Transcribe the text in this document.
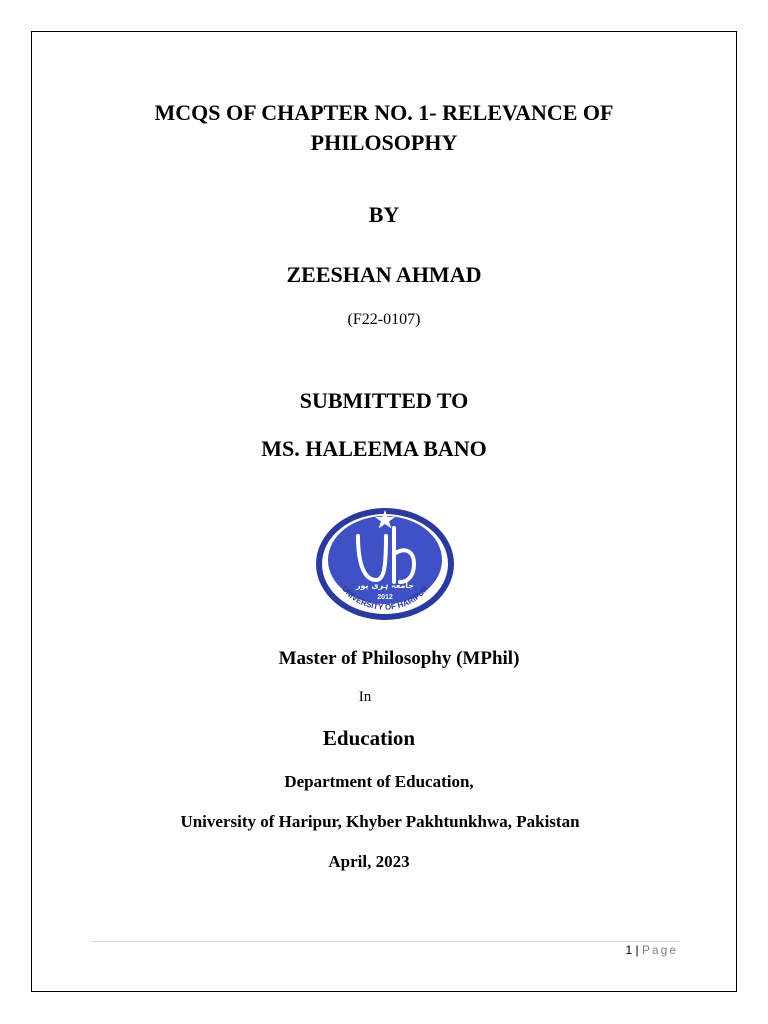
MCQS OF CHAPTER NO. 1- RELEVANCE OF
PHILOSOPHY
BY
ZEESHAN AHMAD
(F22-0107)
SUBMITTED TO
MS. HALEEMA BANO
جامعہ ہری پور
2012
UNIVERSITY OF HARIPUR
Master of Philosophy (MPhil)
In
Education
Department of Education,
University of Haripur, Khyber Pakhtunkhwa, Pakistan
April, 2023
1 | Page
